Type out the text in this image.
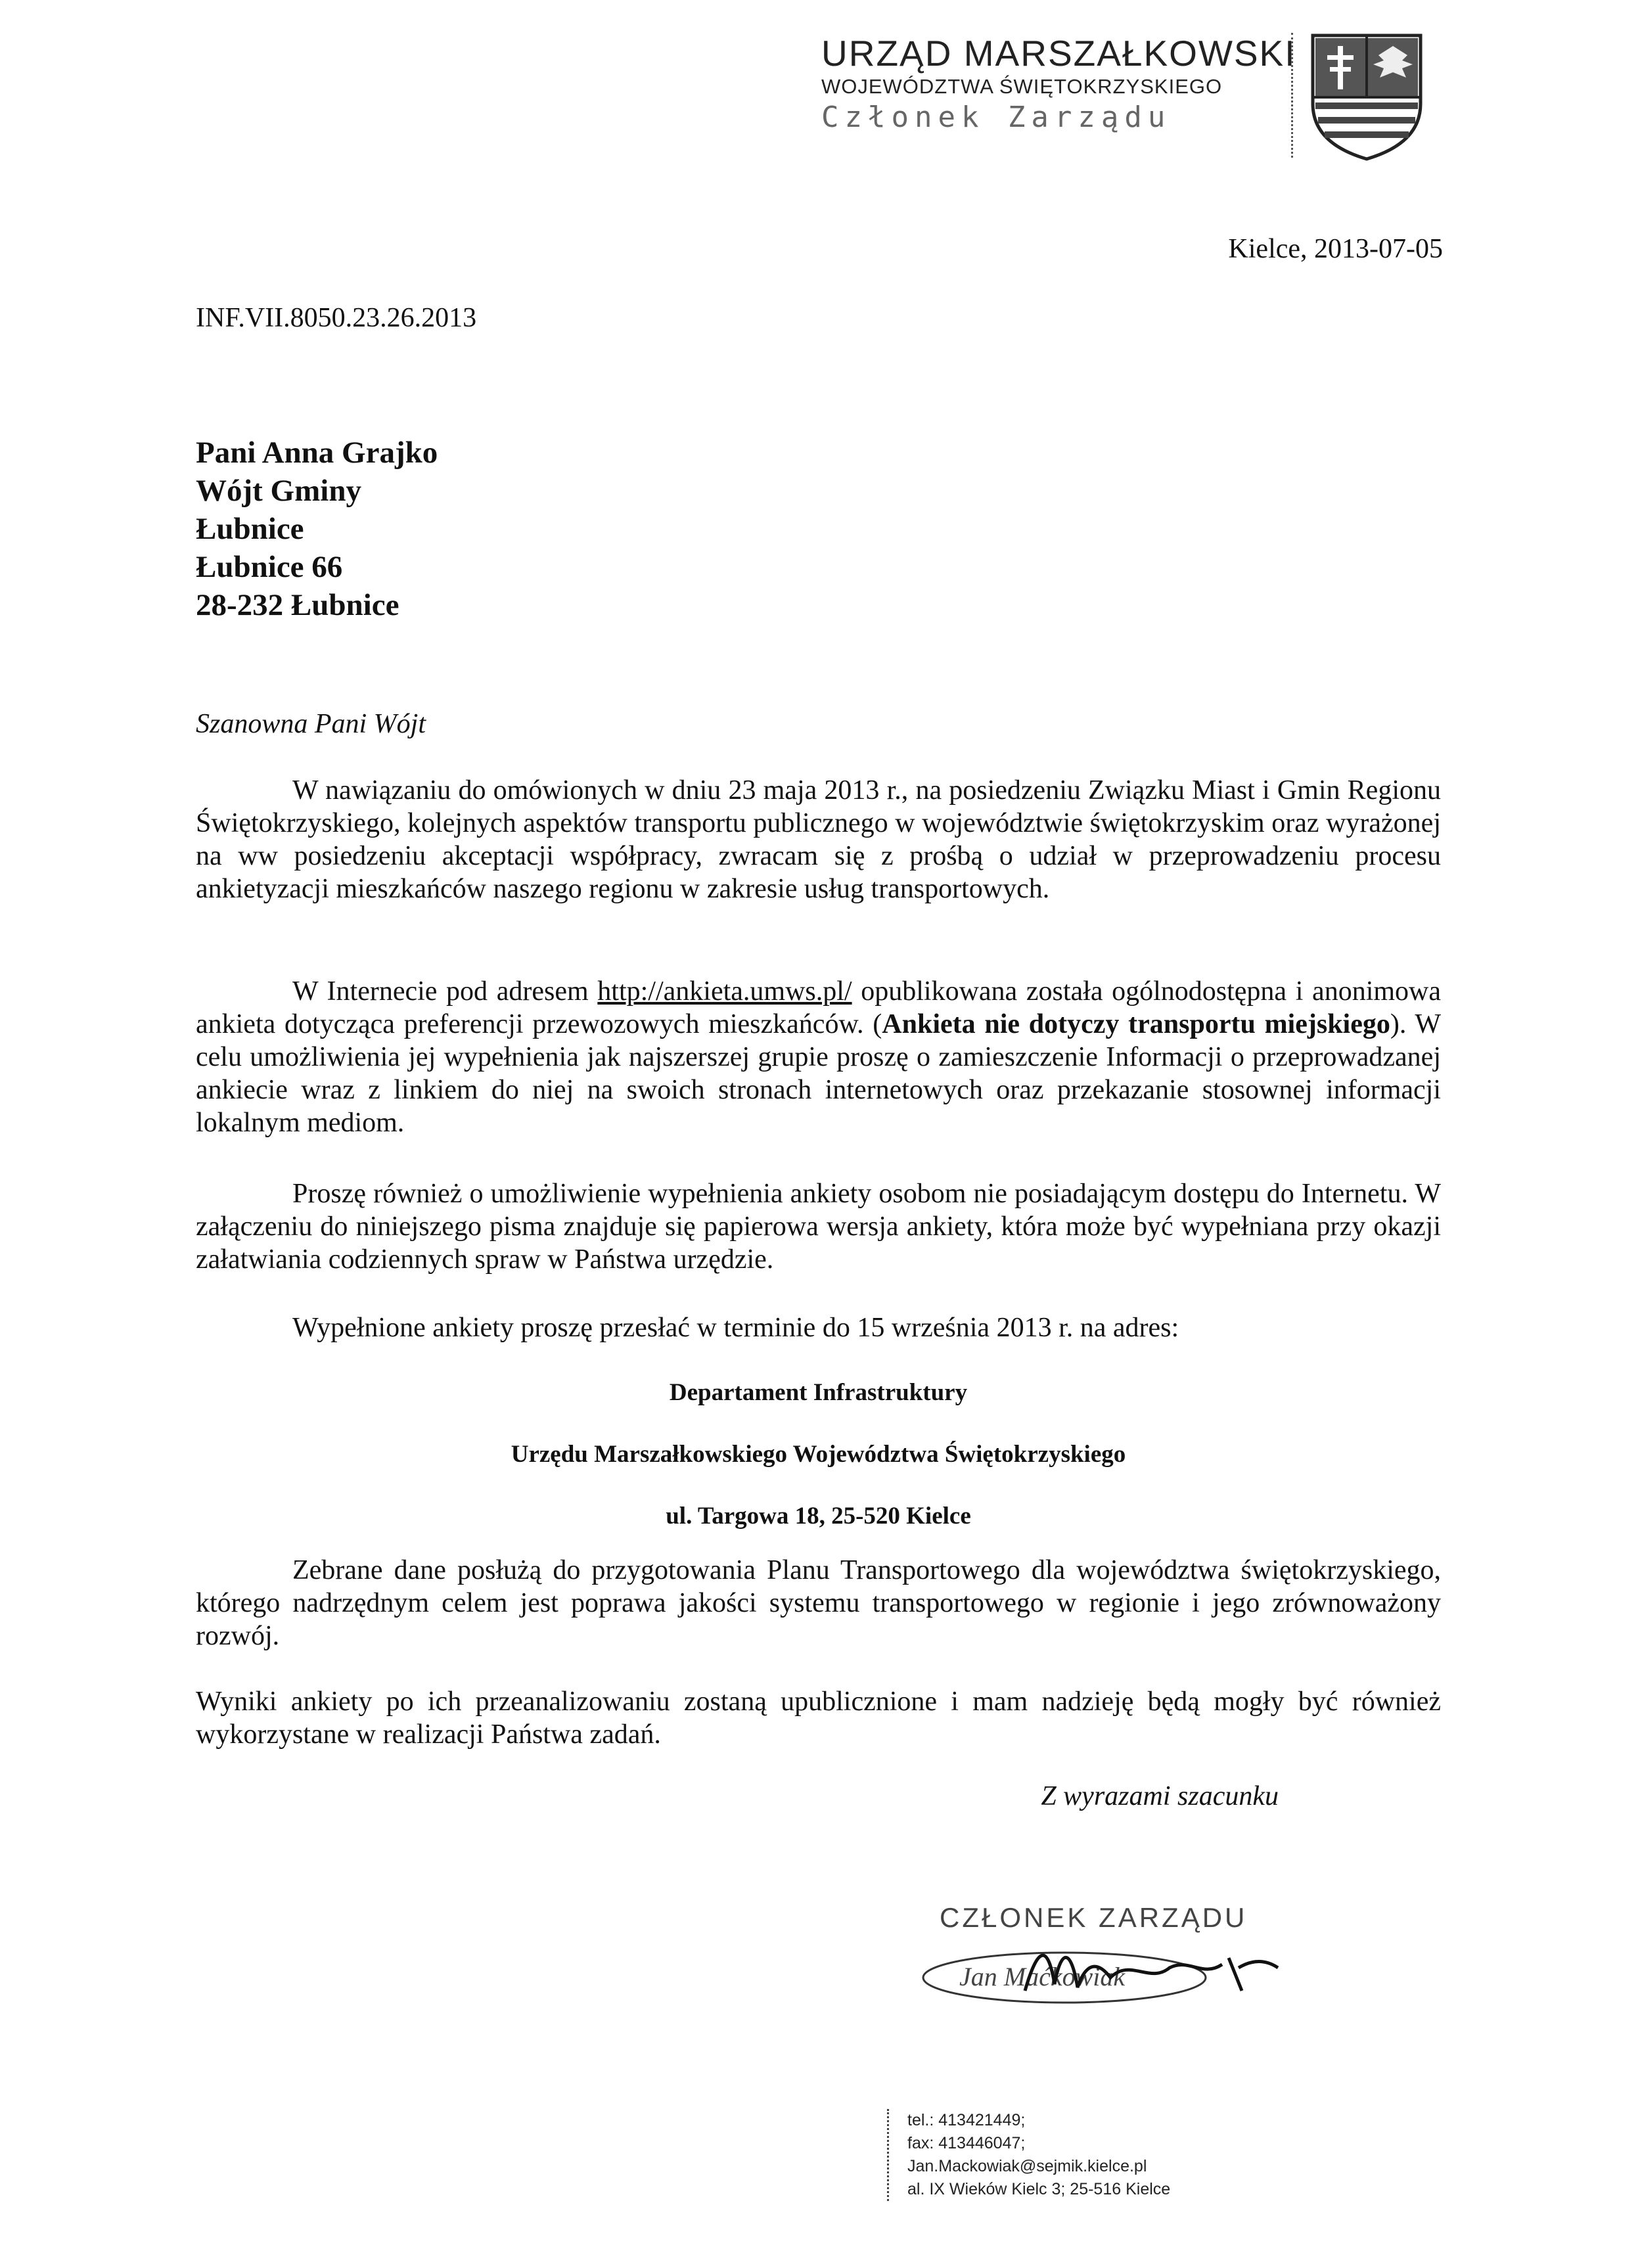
URZĄD MARSZAŁKOWSKI
WOJEWÓDZTWA ŚWIĘTOKRZYSKIEGO
Członek Zarządu
Kielce, 2013-07-05
INF.VII.8050.23.26.2013
Pani Anna Grajko
Wójt Gminy
Łubnice
Łubnice 66
28-232 Łubnice
Szanowna Pani Wójt
W nawiązaniu do omówionych w dniu 23 maja 2013 r., na posiedzeniu Związku Miast i Gmin Regionu Świętokrzyskiego, kolejnych aspektów transportu publicznego w województwie świętokrzyskim oraz wyrażonej na ww posiedzeniu akceptacji współpracy, zwracam się z prośbą o udział w przeprowadzeniu procesu ankietyzacji mieszkańców naszego regionu w zakresie usług transportowych.
W Internecie pod adresem http://ankieta.umws.pl/ opublikowana została ogólnodostępna i anonimowa ankieta dotycząca preferencji przewozowych mieszkańców. (Ankieta nie dotyczy transportu miejskiego). W celu umożliwienia jej wypełnienia jak najszerszej grupie proszę o zamieszczenie Informacji o przeprowadzanej ankiecie wraz z linkiem do niej na swoich stronach internetowych oraz przekazanie stosownej informacji lokalnym mediom.
Proszę również o umożliwienie wypełnienia ankiety osobom nie posiadającym dostępu do Internetu. W załączeniu do niniejszego pisma znajduje się papierowa wersja ankiety, która może być wypełniana przy okazji załatwiania codziennych spraw w Państwa urzędzie.
Wypełnione ankiety proszę przesłać w terminie do 15 września 2013 r. na adres:
Departament Infrastruktury
Urzędu Marszałkowskiego Województwa Świętokrzyskiego
ul. Targowa 18, 25-520 Kielce
Zebrane dane posłużą do przygotowania Planu Transportowego dla województwa świętokrzyskiego, którego nadrzędnym celem jest poprawa jakości systemu transportowego w regionie i jego zrównoważony rozwój.
Wyniki ankiety po ich przeanalizowaniu zostaną upublicznione i mam nadzieję będą mogły być również wykorzystane w realizacji Państwa zadań.
Z wyrazami szacunku
CZŁONEK ZARZĄDU
Jan Maćkowiak
tel.: 413421449;
fax: 413446047;
Jan.Mackowiak@sejmik.kielce.pl
al. IX Wieków Kielc 3; 25-516 Kielce
